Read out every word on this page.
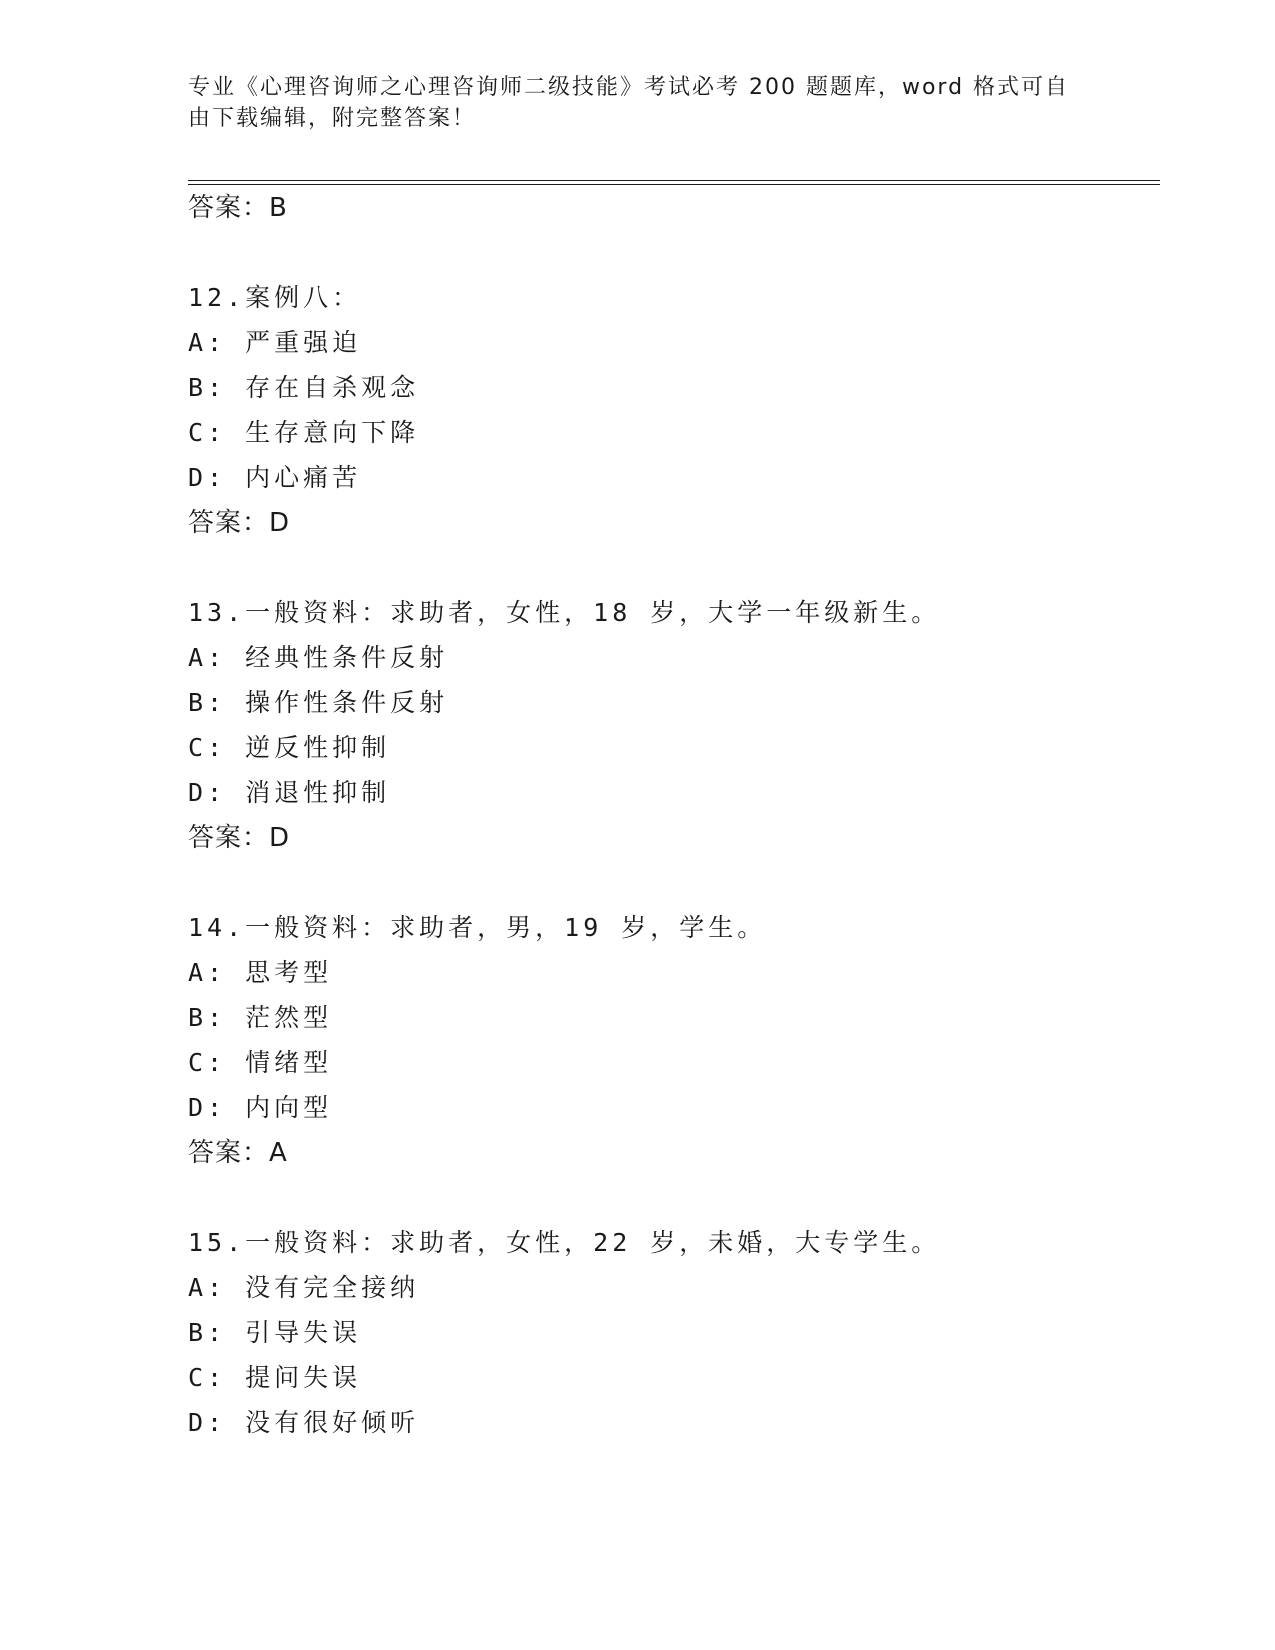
专业《心理咨询师之心理咨询师二级技能》考试必考 200 题题库，word 格式可自由下载编辑，附完整答案！

答案：B

12.案例八：

A: 严重强迫

B: 存在自杀观念

C: 生存意向下降

D: 内心痛苦

答案：D

13.一般资料：求助者，女性，18 岁，大学一年级新生。

A: 经典性条件反射

B: 操作性条件反射

C: 逆反性抑制

D: 消退性抑制

答案：D

14.一般资料：求助者，男，19 岁，学生。

A: 思考型

B: 茫然型

C: 情绪型

D: 内向型

答案：A

15.一般资料：求助者，女性，22 岁，未婚，大专学生。

A: 没有完全接纳

B: 引导失误

C: 提问失误

D: 没有很好倾听
